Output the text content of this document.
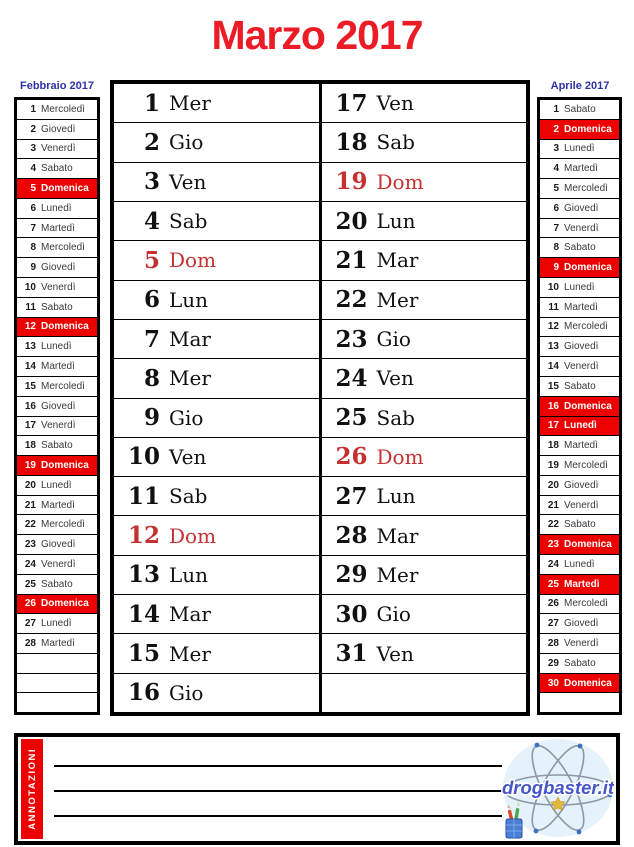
Marzo 2017
Febbraio 2017
1 Mercoledì
2 Giovedì
3 Venerdì
4 Sabato
5 Domenica
6 Lunedì
7 Martedì
8 Mercoledì
9 Giovedì
10 Venerdì
11 Sabato
12 Domenica
13 Lunedì
14 Martedì
15 Mercoledì
16 Giovedì
17 Venerdì
18 Sabato
19 Domenica
20 Lunedì
21 Martedì
22 Mercoledì
23 Giovedì
24 Venerdì
25 Sabato
26 Domenica
27 Lunedì
28 Martedì
Aprile 2017
1 Sabato
2 Domenica
3 Lunedì
4 Martedì
5 Mercoledì
6 Giovedì
7 Venerdì
8 Sabato
9 Domenica
10 Lunedì
11 Martedì
12 Mercoledì
13 Giovedì
14 Venerdì
15 Sabato
16 Domenica
17 Lunedì
18 Martedì
19 Mercoledì
20 Giovedì
21 Venerdì
22 Sabato
23 Domenica
24 Lunedì
25 Martedì
26 Mercoledì
27 Giovedì
28 Venerdì
29 Sabato
30 Domenica
1 Mer
2 Gio
3 Ven
4 Sab
5 Dom
6 Lun
7 Mar
8 Mer
9 Gio
10 Ven
11 Sab
12 Dom
13 Lun
14 Mar
15 Mer
16 Gio
17 Ven
18 Sab
19 Dom
20 Lun
21 Mar
22 Mer
23 Gio
24 Ven
25 Sab
26 Dom
27 Lun
28 Mar
29 Mer
30 Gio
31 Ven
ANNOTAZIONI	drogbaster.it
